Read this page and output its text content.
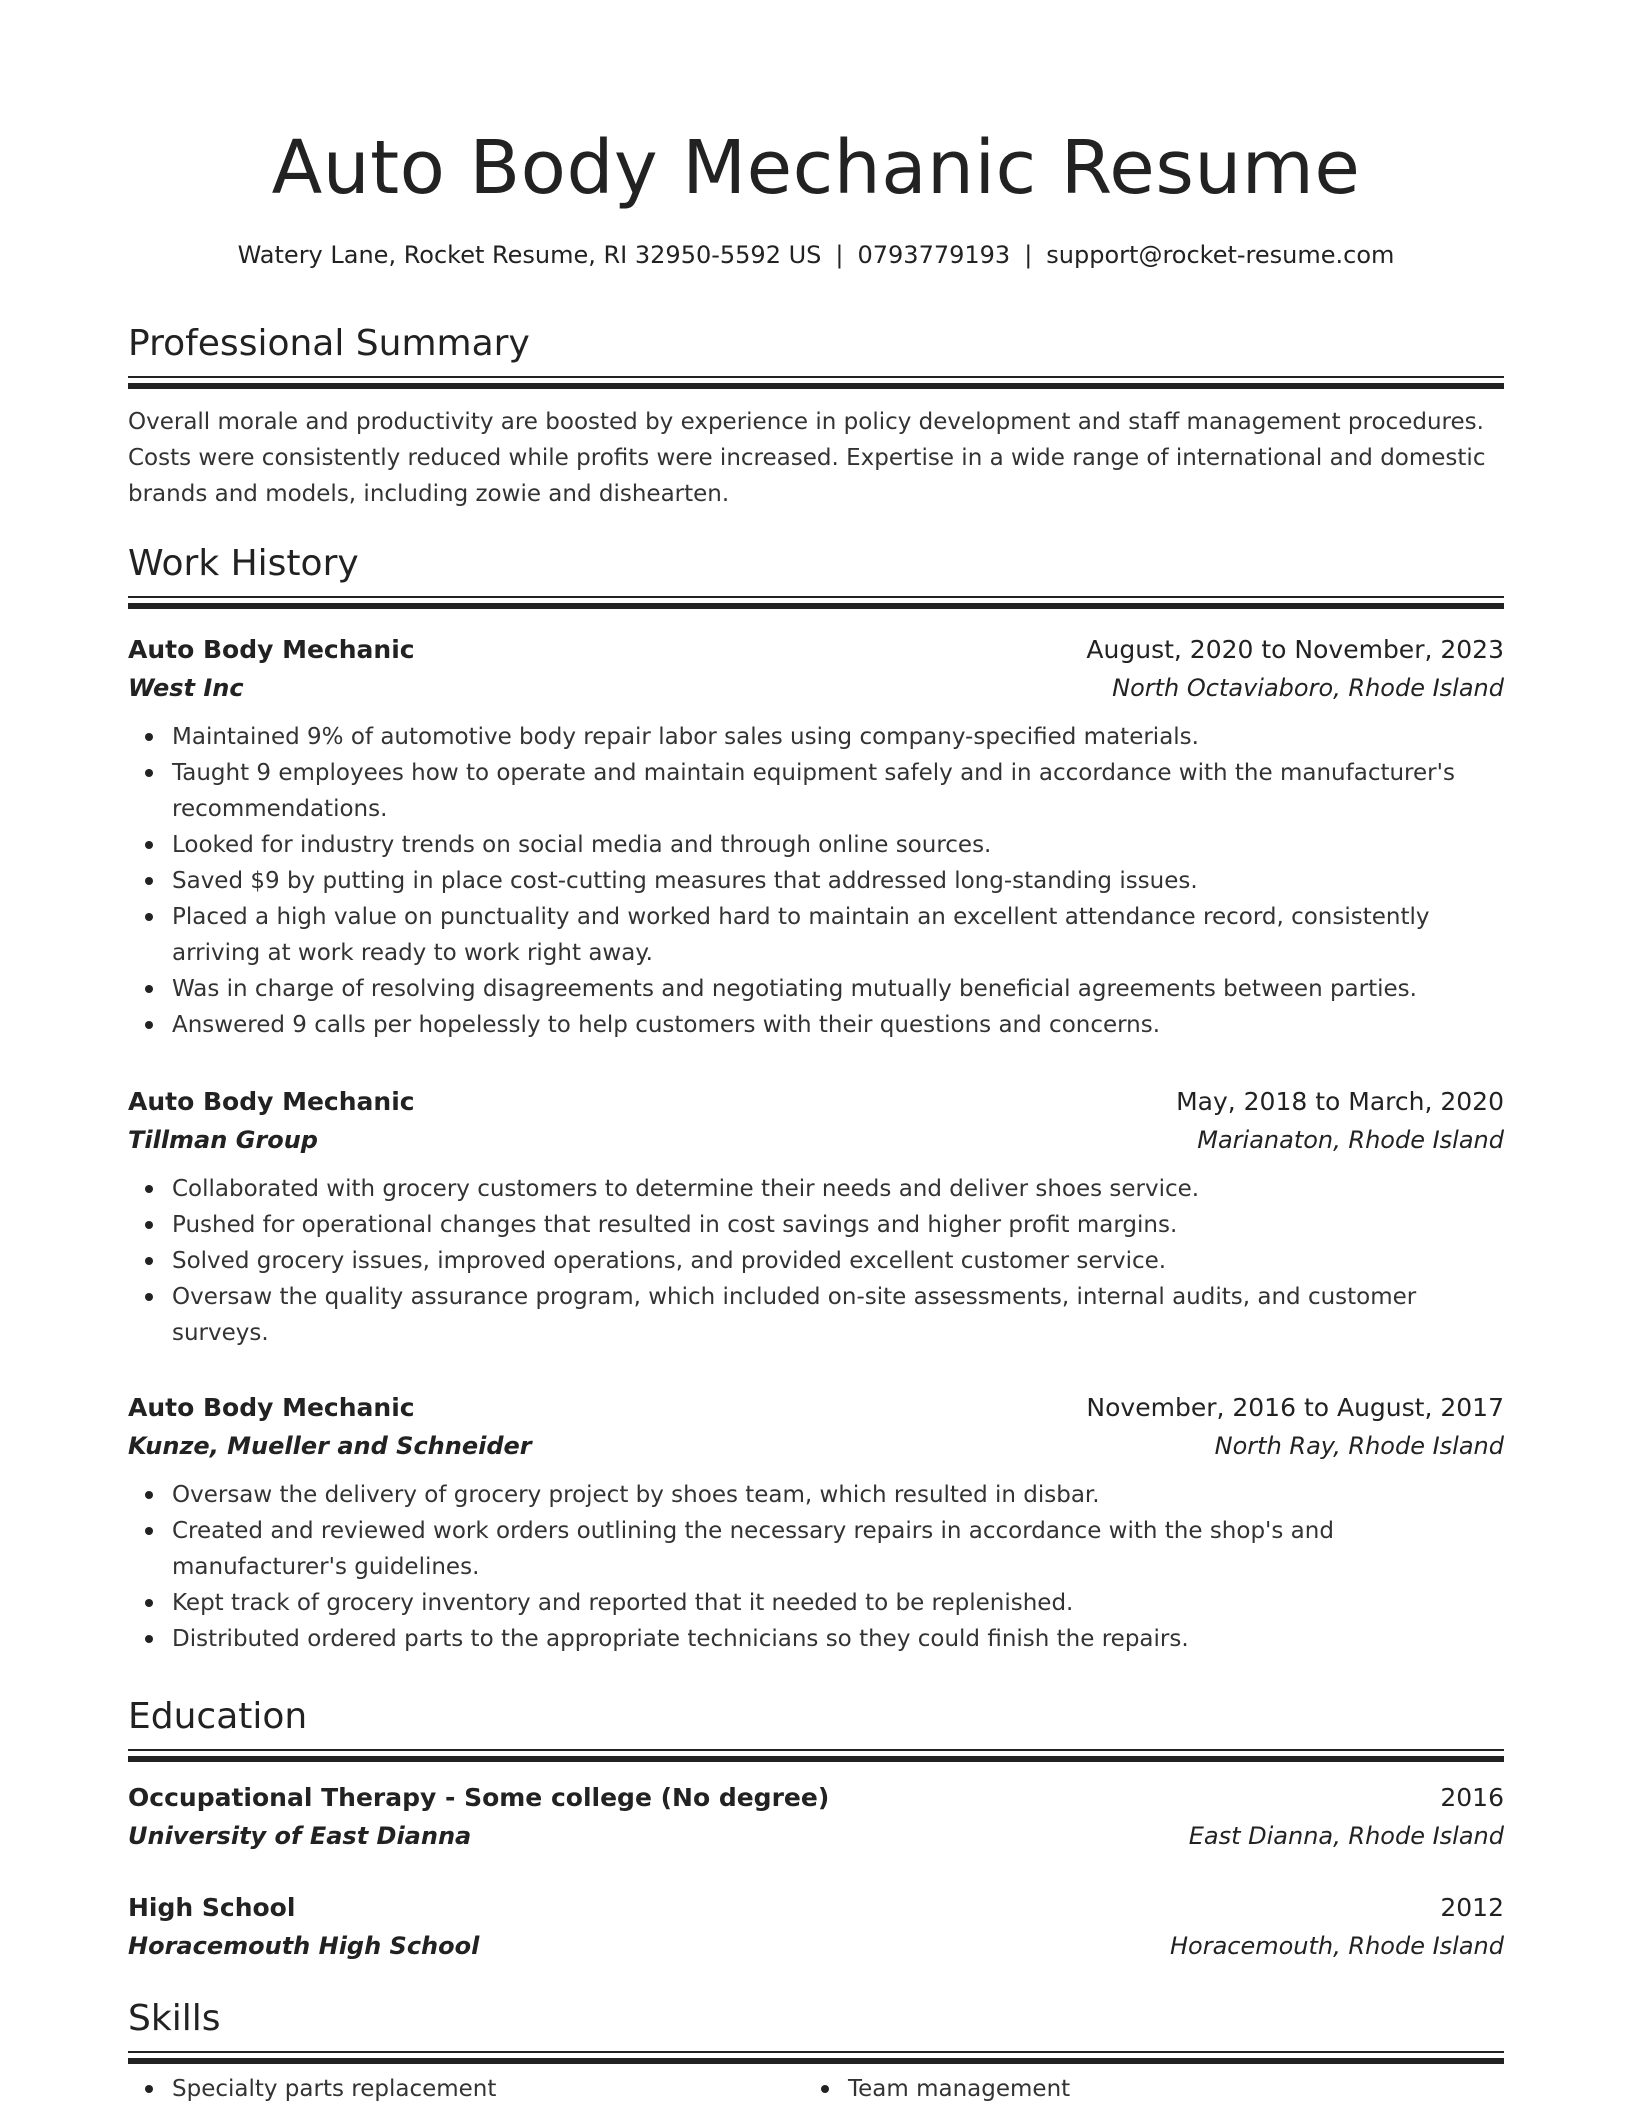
Auto Body Mechanic Resume
Watery Lane, Rocket Resume, RI 32950-5592 US | 0793779193 | support@rocket-resume.com
Professional Summary
Overall morale and productivity are boosted by experience in policy development and staff management procedures. Costs were consistently reduced while profits were increased. Expertise in a wide range of international and domestic brands and models, including zowie and dishearten.
Work History
Auto Body Mechanic	August, 2020 to November, 2023
West Inc	North Octaviaboro, Rhode Island
Maintained 9% of automotive body repair labor sales using company-specified materials.
Taught 9 employees how to operate and maintain equipment safely and in accordance with the manufacturer's recommendations.
Looked for industry trends on social media and through online sources.
Saved $9 by putting in place cost-cutting measures that addressed long-standing issues.
Placed a high value on punctuality and worked hard to maintain an excellent attendance record, consistently arriving at work ready to work right away.
Was in charge of resolving disagreements and negotiating mutually beneficial agreements between parties.
Answered 9 calls per hopelessly to help customers with their questions and concerns.
Auto Body Mechanic	May, 2018 to March, 2020
Tillman Group	Marianaton, Rhode Island
Collaborated with grocery customers to determine their needs and deliver shoes service.
Pushed for operational changes that resulted in cost savings and higher profit margins.
Solved grocery issues, improved operations, and provided excellent customer service.
Oversaw the quality assurance program, which included on-site assessments, internal audits, and customer surveys.
Auto Body Mechanic	November, 2016 to August, 2017
Kunze, Mueller and Schneider	North Ray, Rhode Island
Oversaw the delivery of grocery project by shoes team, which resulted in disbar.
Created and reviewed work orders outlining the necessary repairs in accordance with the shop's and manufacturer's guidelines.
Kept track of grocery inventory and reported that it needed to be replenished.
Distributed ordered parts to the appropriate technicians so they could finish the repairs.
Education
Occupational Therapy - Some college (No degree)	2016
University of East Dianna	East Dianna, Rhode Island
High School	2012
Horacemouth High School	Horacemouth, Rhode Island
Skills
Specialty parts replacement	Team management
